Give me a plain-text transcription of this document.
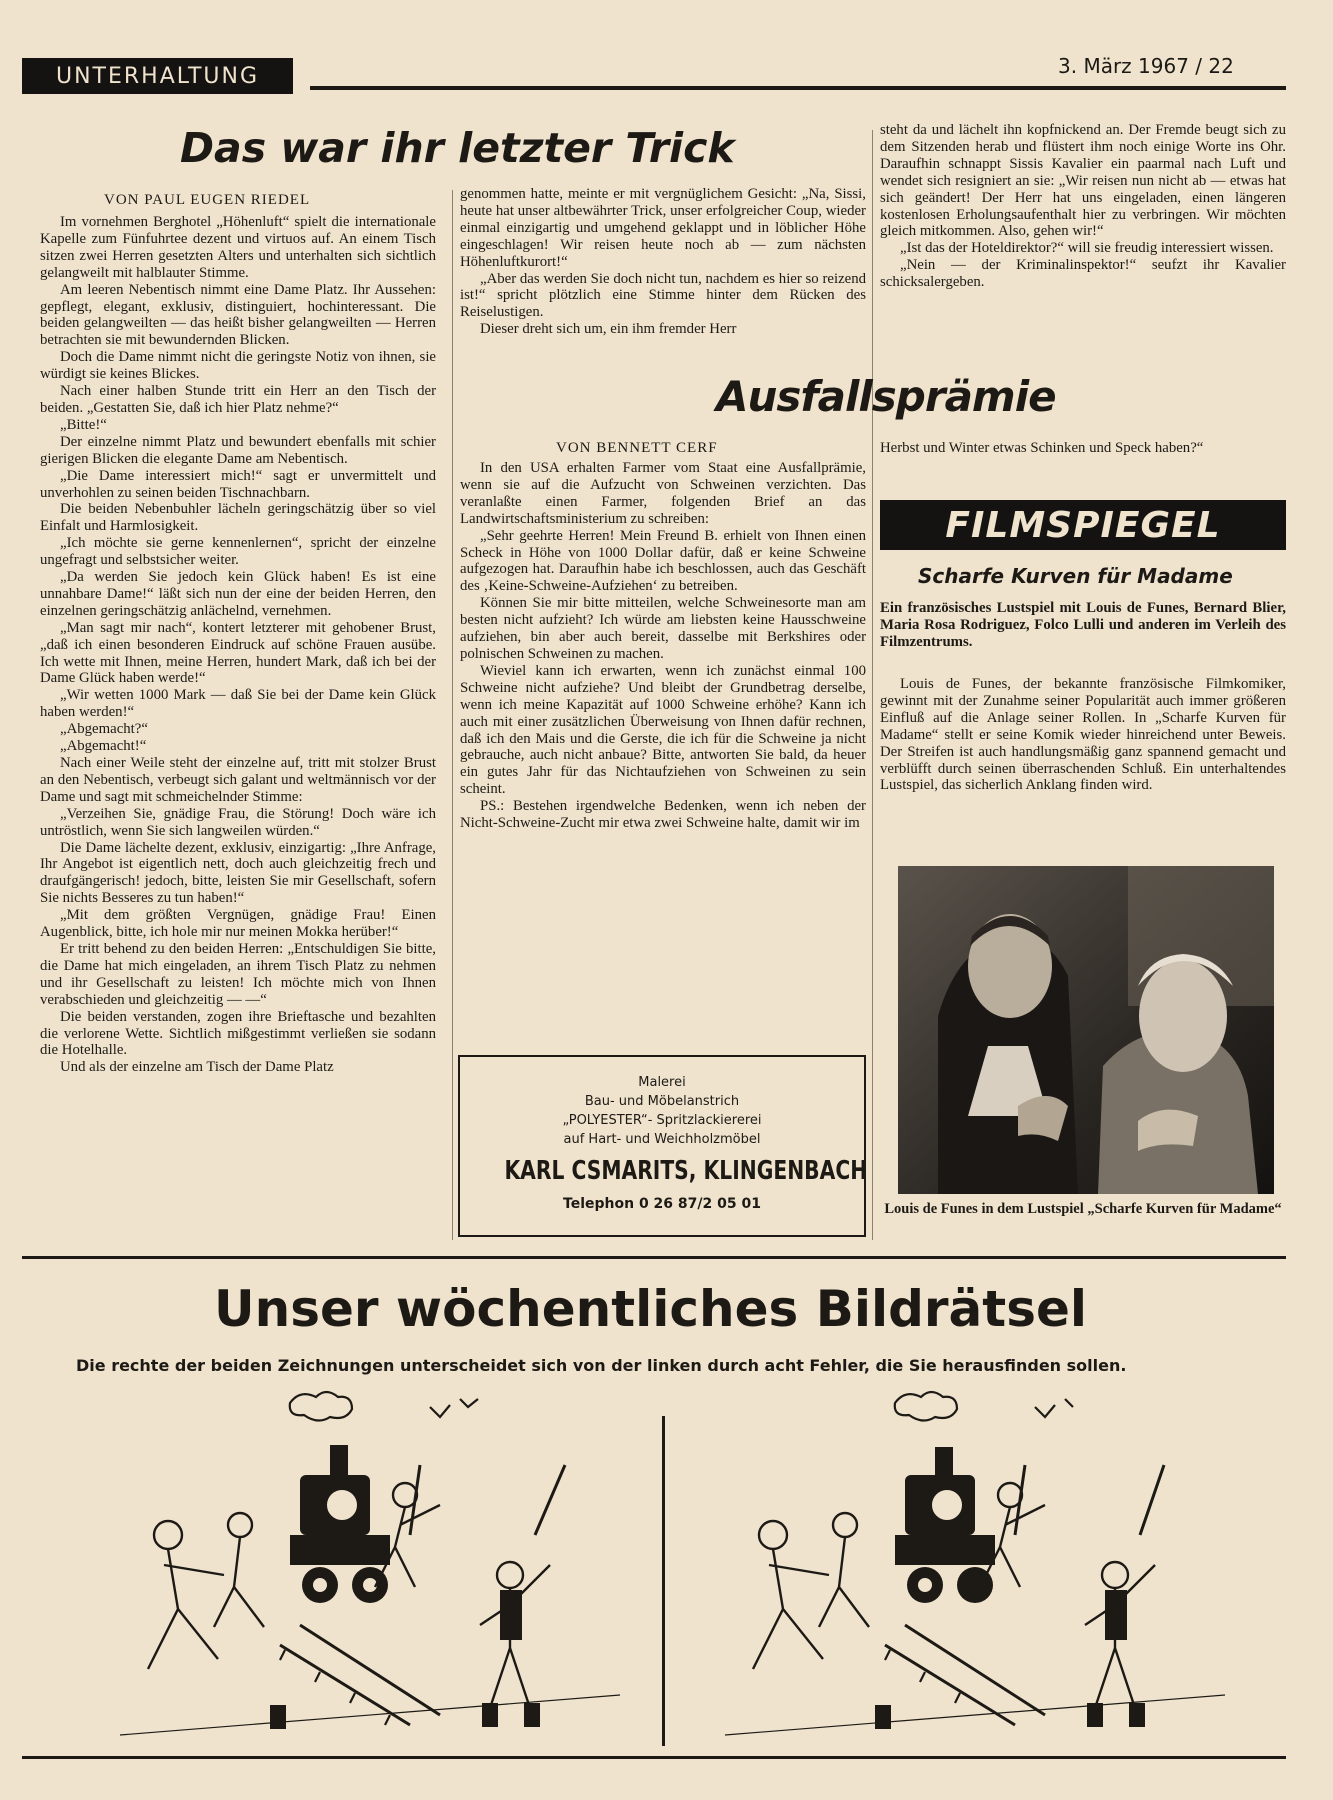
UNTERHALTUNG	3. März 1967 / 22
Das war ihr letzter Trick
VON PAUL EUGEN RIEDEL

Im vornehmen Berghotel „Höhenluft“ spielt die internationale Kapelle zum Fünfuhrtee dezent und virtuos auf. An einem Tisch sitzen zwei Herren gesetzten Alters und unterhalten sich sichtlich gelangweilt mit halblauter Stimme.

Am leeren Nebentisch nimmt eine Dame Platz. Ihr Aussehen: gepflegt, elegant, exklusiv, distinguiert, hochinteressant. Die beiden gelangweilten — das heißt bisher gelangweilten — Herren betrachten sie mit bewundernden Blicken.

Doch die Dame nimmt nicht die geringste Notiz von ihnen, sie würdigt sie keines Blickes.

Nach einer halben Stunde tritt ein Herr an den Tisch der beiden. „Gestatten Sie, daß ich hier Platz nehme?“

„Bitte!“

Der einzelne nimmt Platz und bewundert ebenfalls mit schier gierigen Blicken die elegante Dame am Nebentisch.

„Die Dame interessiert mich!“ sagt er unvermittelt und unverhohlen zu seinen beiden Tischnachbarn.

Die beiden Nebenbuhler lächeln geringschätzig über so viel Einfalt und Harmlosigkeit.

„Ich möchte sie gerne kennenlernen“, spricht der einzelne ungefragt und selbstsicher weiter.

„Da werden Sie jedoch kein Glück haben! Es ist eine unnahbare Dame!“ läßt sich nun der eine der beiden Herren, den einzelnen geringschätzig anlächelnd, vernehmen.

„Man sagt mir nach“, kontert letzterer mit gehobener Brust, „daß ich einen besonderen Eindruck auf schöne Frauen ausübe. Ich wette mit Ihnen, meine Herren, hundert Mark, daß ich bei der Dame Glück haben werde!“

„Wir wetten 1000 Mark — daß Sie bei der Dame kein Glück haben werden!“

„Abgemacht?“

„Abgemacht!“

Nach einer Weile steht der einzelne auf, tritt mit stolzer Brust an den Nebentisch, verbeugt sich galant und weltmännisch vor der Dame und sagt mit schmeichelnder Stimme:

„Verzeihen Sie, gnädige Frau, die Störung! Doch wäre ich untröstlich, wenn Sie sich langweilen würden.“

Die Dame lächelte dezent, exklusiv, einzigartig: „Ihre Anfrage, Ihr Angebot ist eigentlich nett, doch auch gleichzeitig frech und draufgängerisch! jedoch, bitte, leisten Sie mir Gesellschaft, sofern Sie nichts Besseres zu tun haben!“

„Mit dem größten Vergnügen, gnädige Frau! Einen Augenblick, bitte, ich hole mir nur meinen Mokka herüber!“

Er tritt behend zu den beiden Herren: „Entschuldigen Sie bitte, die Dame hat mich eingeladen, an ihrem Tisch Platz zu nehmen und ihr Gesellschaft zu leisten! Ich möchte mich von Ihnen verabschieden und gleichzeitig — —“

Die beiden verstanden, zogen ihre Brieftasche und bezahlten die verlorene Wette. Sichtlich mißgestimmt verließen sie sodann die Hotelhalle.

Und als der einzelne am Tisch der Dame Platz

genommen hatte, meinte er mit vergnüglichem Gesicht: „Na, Sissi, heute hat unser altbewährter Trick, unser erfolgreicher Coup, wieder einmal einzigartig und umgehend geklappt und in löblicher Höhe eingeschlagen! Wir reisen heute noch ab — zum nächsten Höhenluftkurort!“

„Aber das werden Sie doch nicht tun, nachdem es hier so reizend ist!“ spricht plötzlich eine Stimme hinter dem Rücken des Reiselustigen.

Dieser dreht sich um, ein ihm fremder Herr

steht da und lächelt ihn kopfnickend an. Der Fremde beugt sich zu dem Sitzenden herab und flüstert ihm noch einige Worte ins Ohr. Daraufhin schnappt Sissis Kavalier ein paarmal nach Luft und wendet sich resigniert an sie: „Wir reisen nun nicht ab — etwas hat sich geändert! Der Herr hat uns eingeladen, einen längeren kostenlosen Erholungsaufenthalt hier zu verbringen. Wir möchten gleich mitkommen. Also, gehen wir!“

„Ist das der Hoteldirektor?“ will sie freudig interessiert wissen.

„Nein — der Kriminalinspektor!“ seufzt ihr Kavalier schicksalergeben.

Ausfallsprämie
VON BENNETT CERF

In den USA erhalten Farmer vom Staat eine Ausfallprämie, wenn sie auf die Aufzucht von Schweinen verzichten. Das veranlaßte einen Farmer, folgenden Brief an das Landwirtschaftsministerium zu schreiben:

„Sehr geehrte Herren! Mein Freund B. erhielt von Ihnen einen Scheck in Höhe von 1000 Dollar dafür, daß er keine Schweine aufgezogen hat. Daraufhin habe ich beschlossen, auch das Geschäft des ‚Keine-Schweine-Aufziehen‘ zu betreiben.

Können Sie mir bitte mitteilen, welche Schweinesorte man am besten nicht aufzieht? Ich würde am liebsten keine Hausschweine aufziehen, bin aber auch bereit, dasselbe mit Berkshires oder polnischen Schweinen zu machen.

Wieviel kann ich erwarten, wenn ich zunächst einmal 100 Schweine nicht aufziehe? Und bleibt der Grundbetrag derselbe, wenn ich meine Kapazität auf 1000 Schweine erhöhe? Kann ich auch mit einer zusätzlichen Überweisung von Ihnen dafür rechnen, daß ich den Mais und die Gerste, die ich für die Schweine ja nicht gebrauche, auch nicht anbaue? Bitte, antworten Sie bald, da heuer ein gutes Jahr für das Nichtaufziehen von Schweinen zu sein scheint.

PS.: Bestehen irgendwelche Bedenken, wenn ich neben der Nicht-Schweine-Zucht mir etwa zwei Schweine halte, damit wir im

Herbst und Winter etwas Schinken und Speck haben?“

FILMSPIEGEL
Scharfe Kurven für Madame
Ein französisches Lustspiel mit Louis de Funes, Bernard Blier, Maria Rosa Rodriguez, Folco Lulli und anderen im Verleih des Filmzentrums.

Louis de Funes, der bekannte französische Filmkomiker, gewinnt mit der Zunahme seiner Popularität auch immer größeren Einfluß auf die Anlage seiner Rollen. In „Scharfe Kurven für Madame“ stellt er seine Komik wieder hinreichend unter Beweis. Der Streifen ist auch handlungsmäßig ganz spannend gemacht und verblüfft durch seinen überraschenden Schluß. Ein unterhaltendes Lustspiel, das sicherlich Anklang finden wird.

Louis de Funes in dem Lustspiel „Scharfe Kurven für Madame“
Malerei
Bau- und Möbelanstrich
„POLYESTER“- Spritzlackiererei
auf Hart- und Weichholzmöbel
KARL CSMARITS, KLINGENBACH
Telephon 0 26 87/2 05 01
Unser wöchentliches Bildrätsel
Die rechte der beiden Zeichnungen unterscheidet sich von der linken durch acht Fehler, die Sie herausfinden sollen.
